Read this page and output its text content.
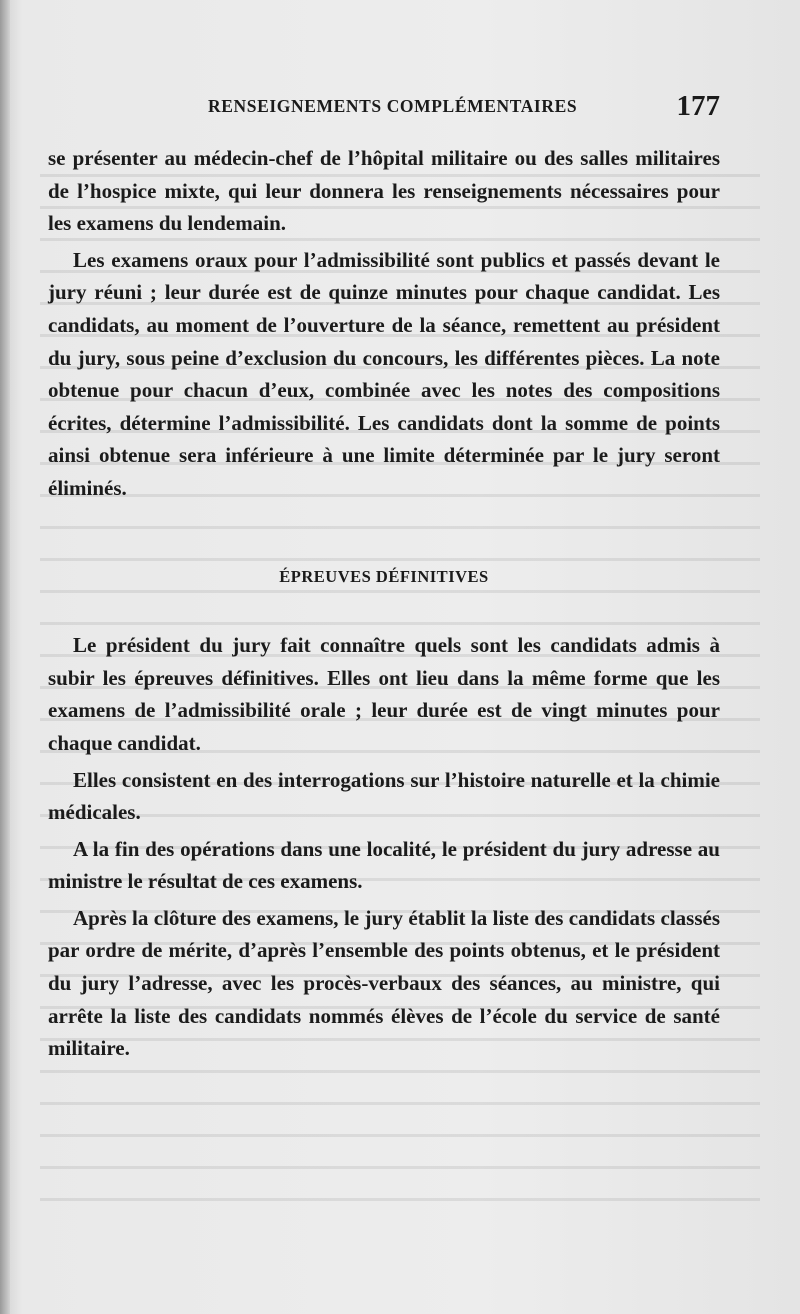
RENSEIGNEMENTS COMPLÉMENTAIRES	177

se présenter au médecin-chef de l’hôpital militaire ou des salles militaires de l’hospice mixte, qui leur donnera les renseignements nécessaires pour les examens du lendemain.

Les examens oraux pour l’admissibilité sont publics et passés devant le jury réuni ; leur durée est de quinze minutes pour chaque candidat. Les candidats, au moment de l’ouverture de la séance, remettent au président du jury, sous peine d’exclusion du concours, les différentes pièces. La note obtenue pour chacun d’eux, combinée avec les notes des compositions écrites, détermine l’admissibilité. Les candidats dont la somme de points ainsi obtenue sera inférieure à une limite déterminée par le jury seront éliminés.

ÉPREUVES DÉFINITIVES

Le président du jury fait connaître quels sont les candidats admis à subir les épreuves définitives. Elles ont lieu dans la même forme que les examens de l’admissibilité orale ; leur durée est de vingt minutes pour chaque candidat.

Elles consistent en des interrogations sur l’histoire naturelle et la chimie médicales.

A la fin des opérations dans une localité, le président du jury adresse au ministre le résultat de ces examens.

Après la clôture des examens, le jury établit la liste des candidats classés par ordre de mérite, d’après l’ensemble des points obtenus, et le président du jury l’adresse, avec les procès-verbaux des séances, au ministre, qui arrête la liste des candidats nommés élèves de l’école du service de santé militaire.
